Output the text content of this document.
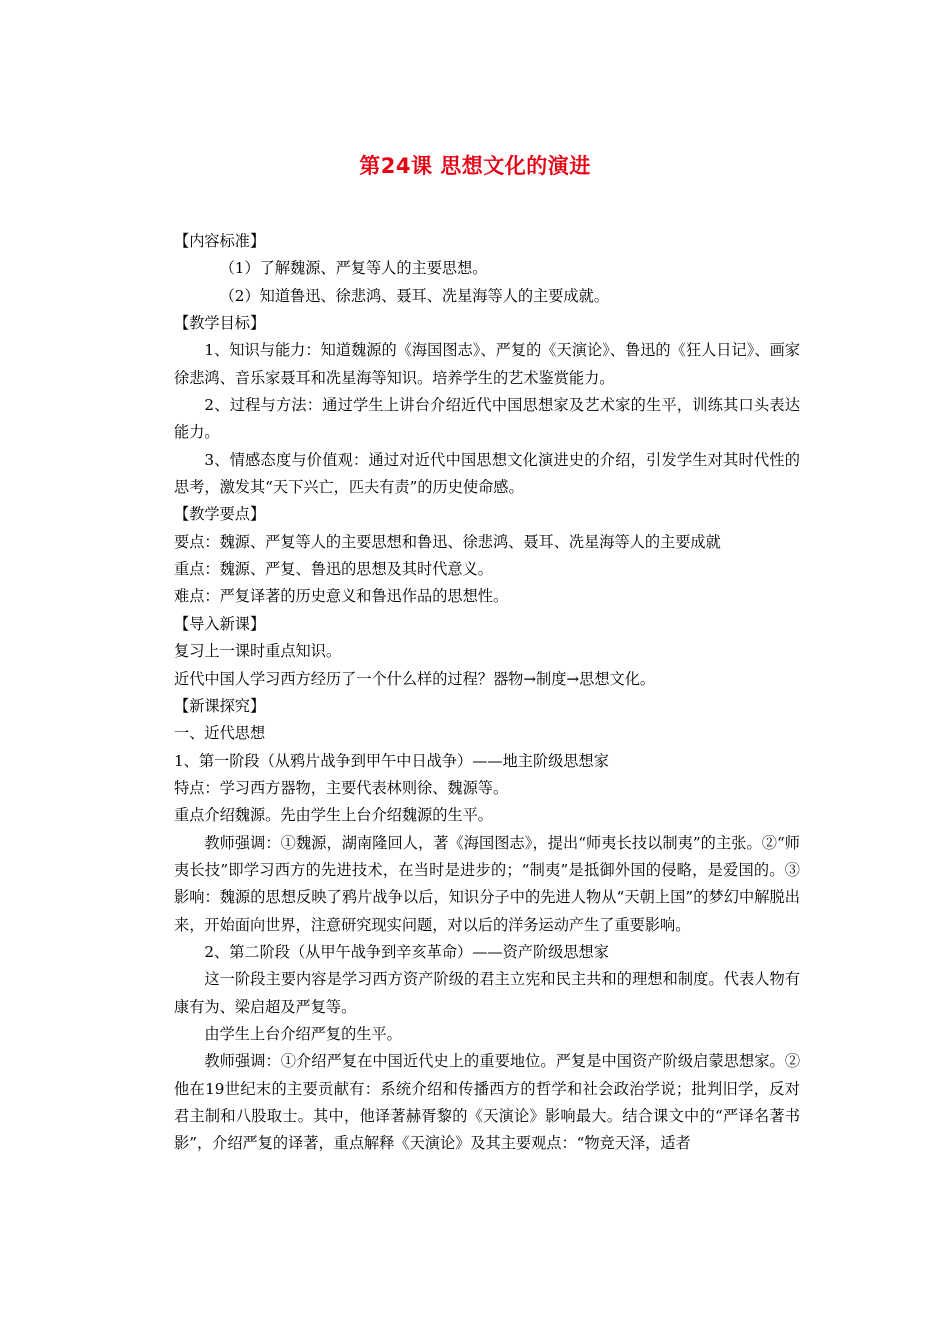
第24课 思想文化的演进

【内容标准】

（1）了解魏源、严复等人的主要思想。

（2）知道鲁迅、徐悲鸿、聂耳、冼星海等人的主要成就。

【教学目标】

1、知识与能力：知道魏源的《海国图志》、严复的《天演论》、鲁迅的《狂人日记》、画家徐悲鸿、音乐家聂耳和冼星海等知识。培养学生的艺术鉴赏能力。

2、过程与方法：通过学生上讲台介绍近代中国思想家及艺术家的生平，训练其口头表达能力。

3、情感态度与价值观：通过对近代中国思想文化演进史的介绍，引发学生对其时代性的思考，激发其“天下兴亡，匹夫有责”的历史使命感。

【教学要点】

要点：魏源、严复等人的主要思想和鲁迅、徐悲鸿、聂耳、冼星海等人的主要成就

重点：魏源、严复、鲁迅的思想及其时代意义。

难点：严复译著的历史意义和鲁迅作品的思想性。

【导入新课】

复习上一课时重点知识。

近代中国人学习西方经历了一个什么样的过程？器物→制度→思想文化。

【新课探究】

一、近代思想

1、第一阶段（从鸦片战争到甲午中日战争）——地主阶级思想家

特点：学习西方器物，主要代表林则徐、魏源等。

重点介绍魏源。先由学生上台介绍魏源的生平。

教师强调：①魏源，湖南隆回人，著《海国图志》，提出“师夷长技以制夷”的主张。②“师夷长技”即学习西方的先进技术，在当时是进步的；“制夷”是抵御外国的侵略，是爱国的。③影响：魏源的思想反映了鸦片战争以后，知识分子中的先进人物从“天朝上国”的梦幻中解脱出来，开始面向世界，注意研究现实问题，对以后的洋务运动产生了重要影响。

2、第二阶段（从甲午战争到辛亥革命）——资产阶级思想家

这一阶段主要内容是学习西方资产阶级的君主立宪和民主共和的理想和制度。代表人物有康有为、梁启超及严复等。

由学生上台介绍严复的生平。

教师强调：①介绍严复在中国近代史上的重要地位。严复是中国资产阶级启蒙思想家。②他在19世纪末的主要贡献有：系统介绍和传播西方的哲学和社会政治学说；批判旧学，反对君主制和八股取士。其中，他译著赫胥黎的《天演论》影响最大。结合课文中的“严译名著书影”，介绍严复的译著，重点解释《天演论》及其主要观点：“物竞天泽，适者
